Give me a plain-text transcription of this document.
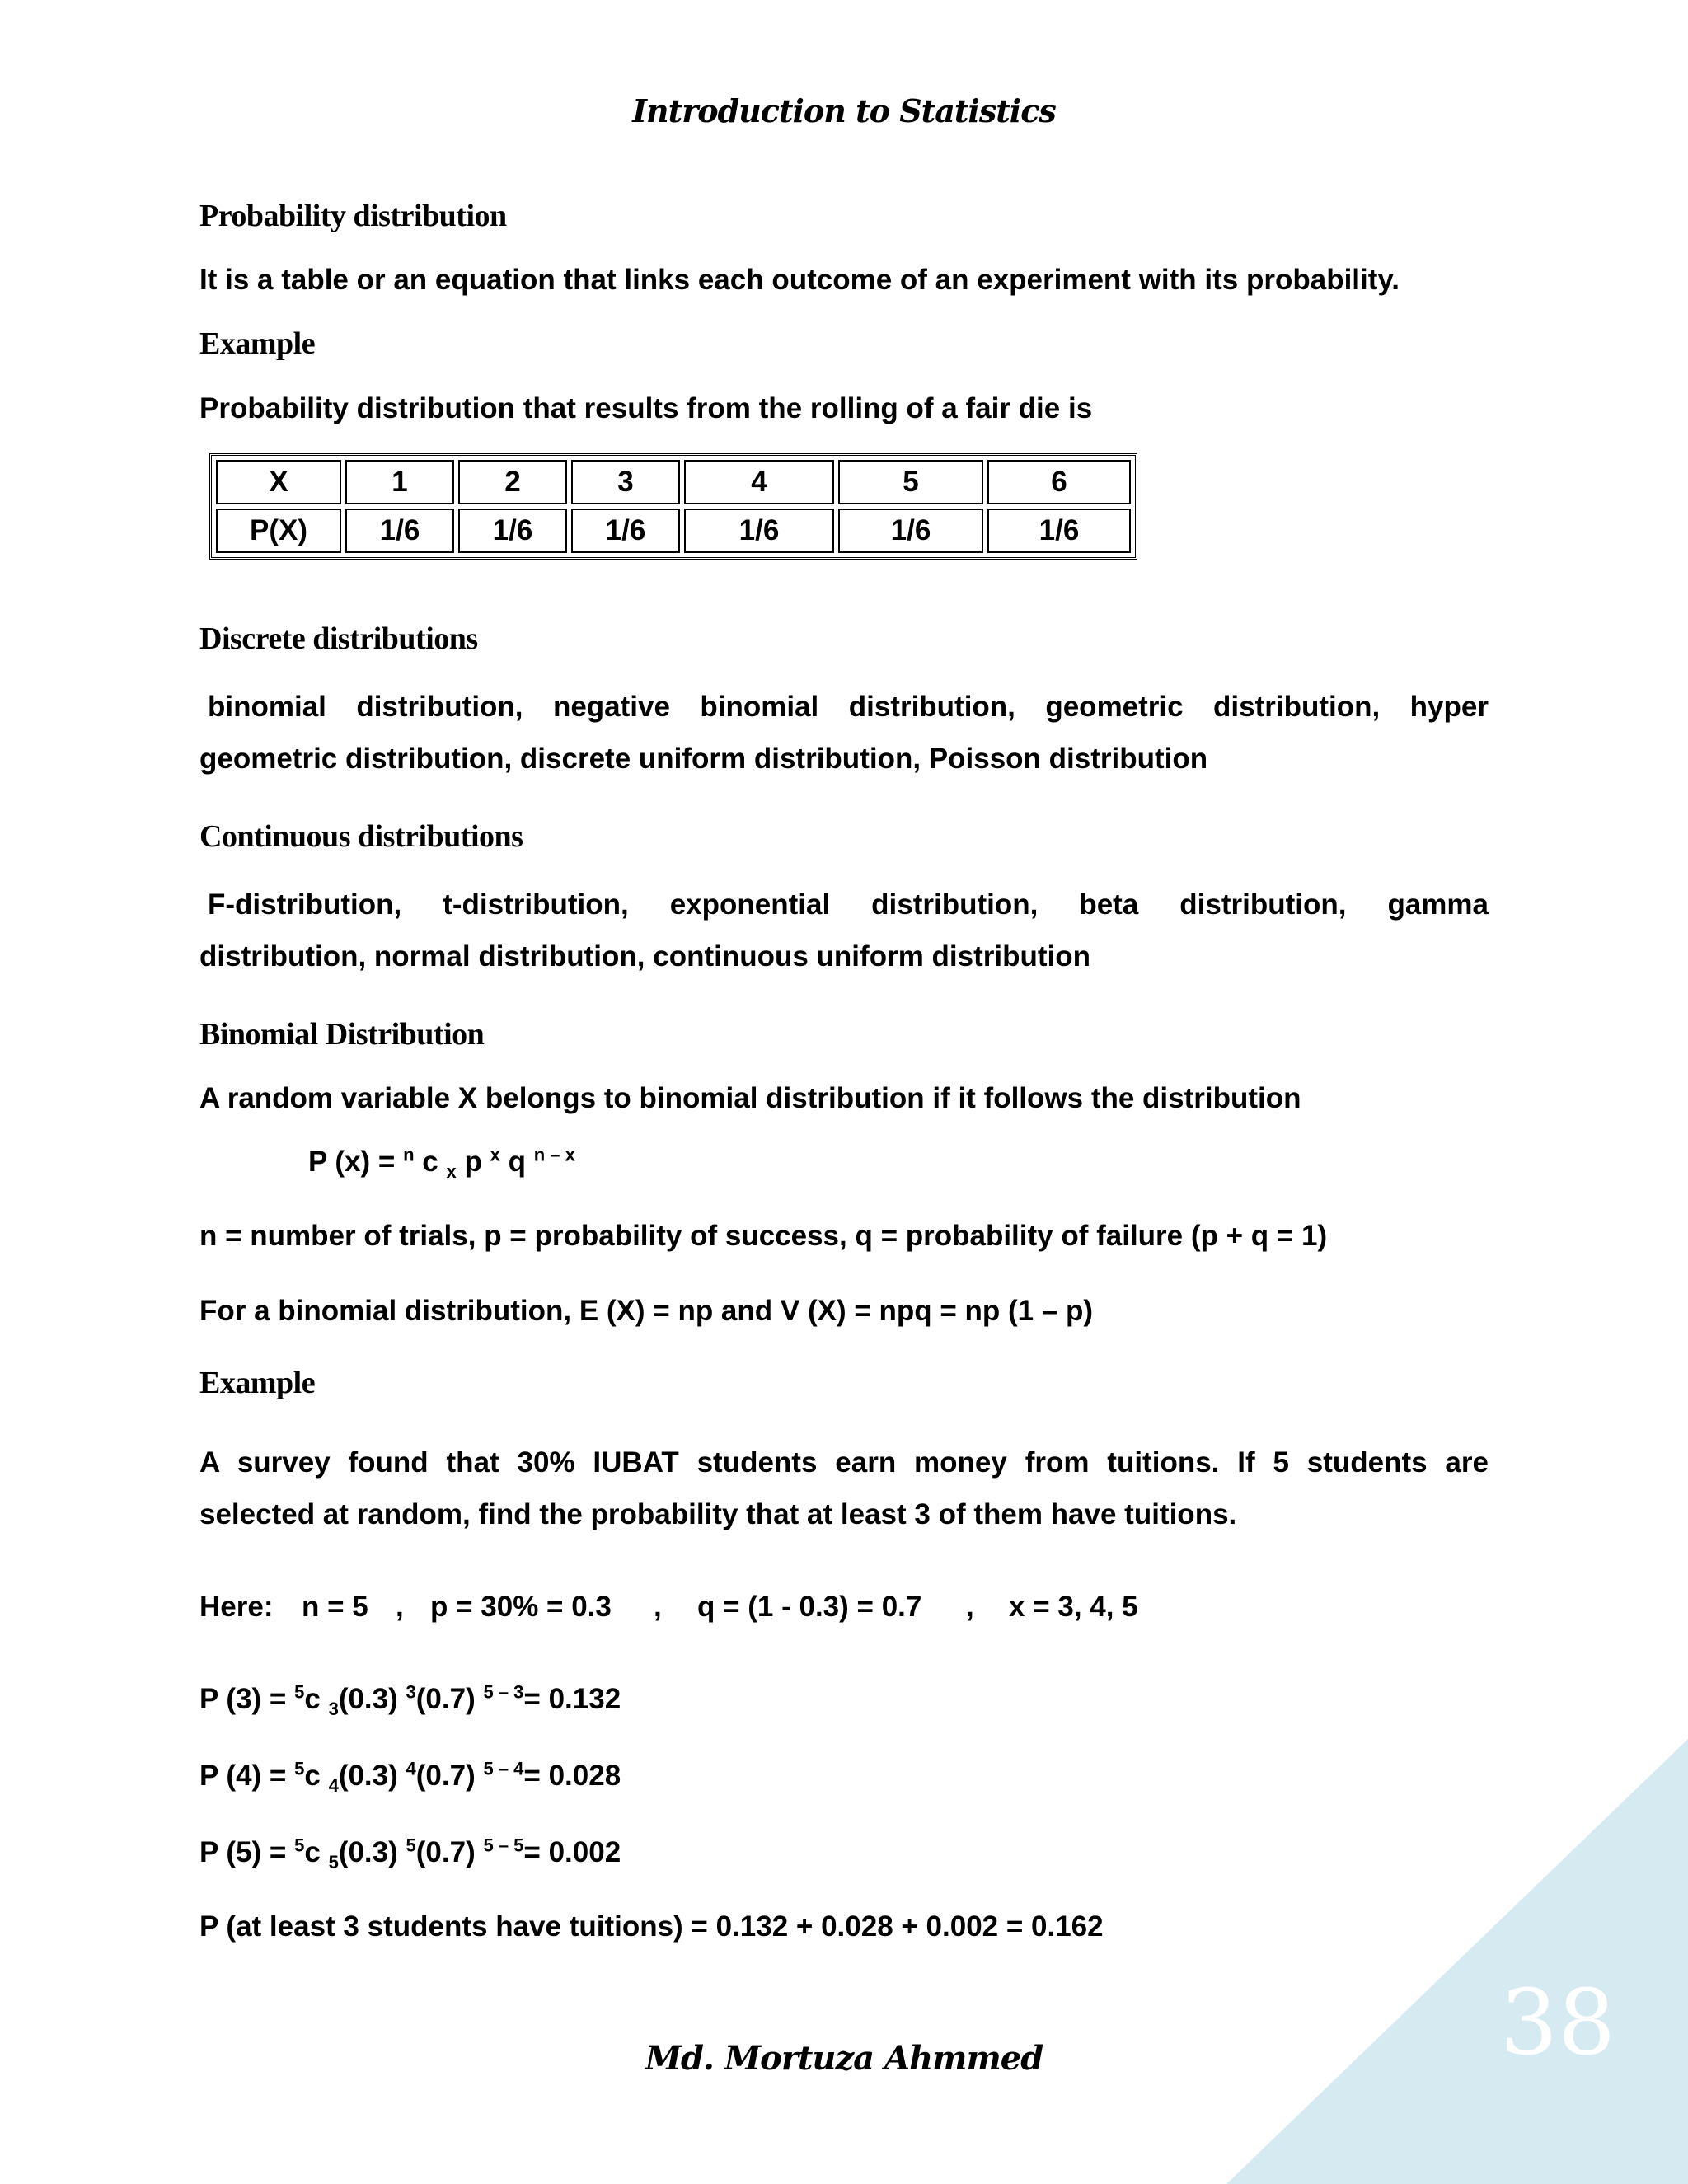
38
Introduction to Statistics
Probability distribution
It is a table or an equation that links each outcome of an experiment with its probability.
Example
Probability distribution that results from the rolling of a fair die is
X	1	2	3	4	5	6
P(X)	1/6	1/6	1/6	1/6	1/6	1/6
Discrete distributions
binomial distribution, negative binomial distribution, geometric distribution, hyper
geometric distribution, discrete uniform distribution, Poisson distribution
Continuous distributions
F-distribution, t-distribution, exponential distribution, beta distribution, gamma
distribution, normal distribution, continuous uniform distribution
Binomial Distribution
A random variable X belongs to binomial distribution if it follows the distribution
P (x) = $^n$ c $_x$ p $^x$ q $^{n - x}$
n = number of trials, p = probability of success, q = probability of failure (p + q = 1)
For a binomial distribution, E (X) = np and V (X) = npq = np (1 – p)
Example
A survey found that 30% IUBAT students earn money from tuitions. If 5 students are
selected at random, find the probability that at least 3 of them have tuitions.
Here: n = 5 , p = 30% = 0.3 , q = (1 - 0.3) = 0.7 , x = 3, 4, 5
P (3) = $^5$c $_3$(0.3) $^3$(0.7) $^{5 - 3}$= 0.132
P (4) = $^5$c $_4$(0.3) $^4$(0.7) $^{5 - 4}$= 0.028
P (5) = $^5$c $_5$(0.3) $^5$(0.7) $^{5 - 5}$= 0.002
P (at least 3 students have tuitions) = 0.132 + 0.028 + 0.002 = 0.162
Md. Mortuza Ahmmed
